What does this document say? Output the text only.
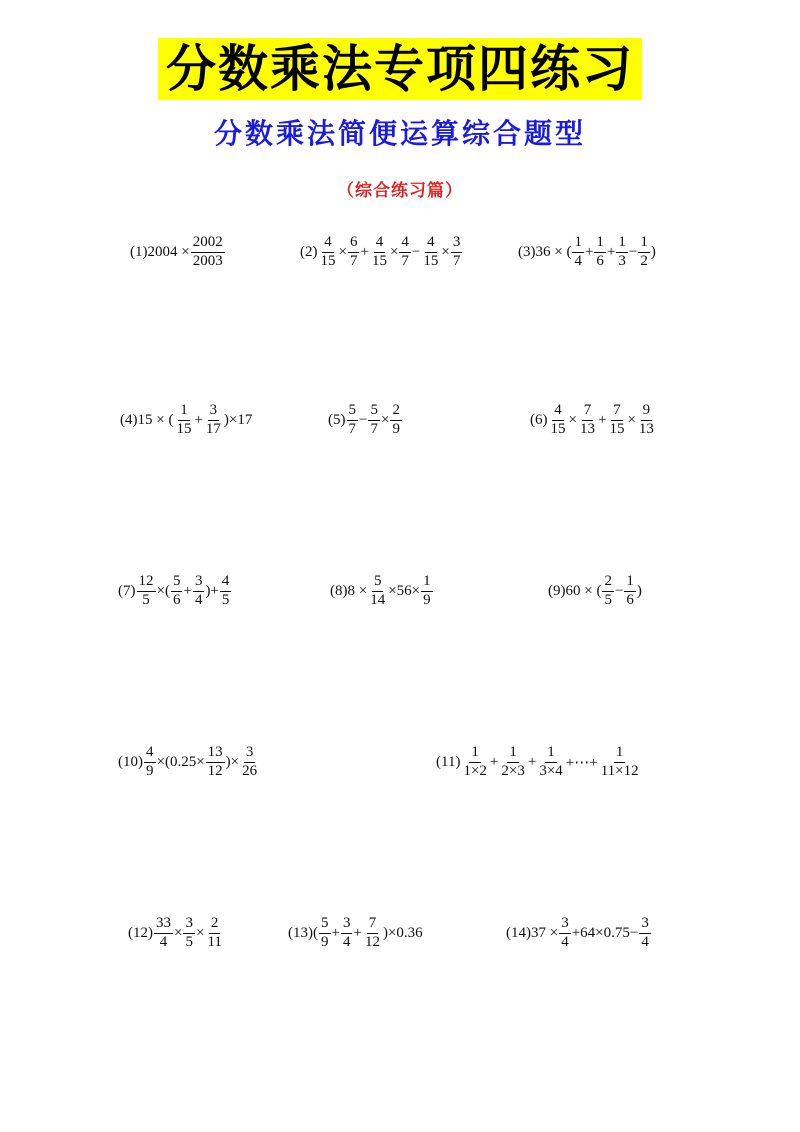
分数乘法专项四练习
分数乘法简便运算综合题型
（综合练习篇）
$(1)2004 \times \frac{2002}{2003}$	$(2) \frac{4}{15} \times \frac{6}{7} + \frac{4}{15} \times \frac{4}{7} - \frac{4}{15} \times \frac{3}{7}$	(3)36 × ( $\frac{1}{4} + \frac{1}{6} + \frac{1}{3} - \frac{1}{2}$ )
(4)15 × ( $\frac{1}{15} + \frac{3}{17} )\times 17$	$(5) \frac{5}{7} - \frac{5}{7} \times \frac{2}{9}$	$(6) \frac{4}{15} \times \frac{7}{13} + \frac{7}{15} \times \frac{9}{13}$
$(7) \frac{12}{5}$ ×( $\frac{5}{6} + \frac{3}{4}$ )+ $\frac{4}{5}$	$(8)8 \times \frac{5}{14} \times 56\times \frac{1}{9}$	(9)60 × ( $\frac{2}{5} - \frac{1}{6}$ )
$(10) \frac{4}{9} \times(0.25\times \frac{13}{12}$ )× $\frac{3}{26}$	$(11) \frac{1}{1\times 2} + \frac{1}{2\times 3} + \frac{1}{3\times 4}$ +⋯+ $\frac{1}{11\times 12}$
$(12) \frac{33}{4} \times \frac{3}{5} \times \frac{2}{11}$	$(13)( \frac{5}{9} + \frac{3}{4} + \frac{7}{12} )\times 0.36$	$(14)37 \times \frac{3}{4} +64\times 0.75- \frac{3}{4}$
